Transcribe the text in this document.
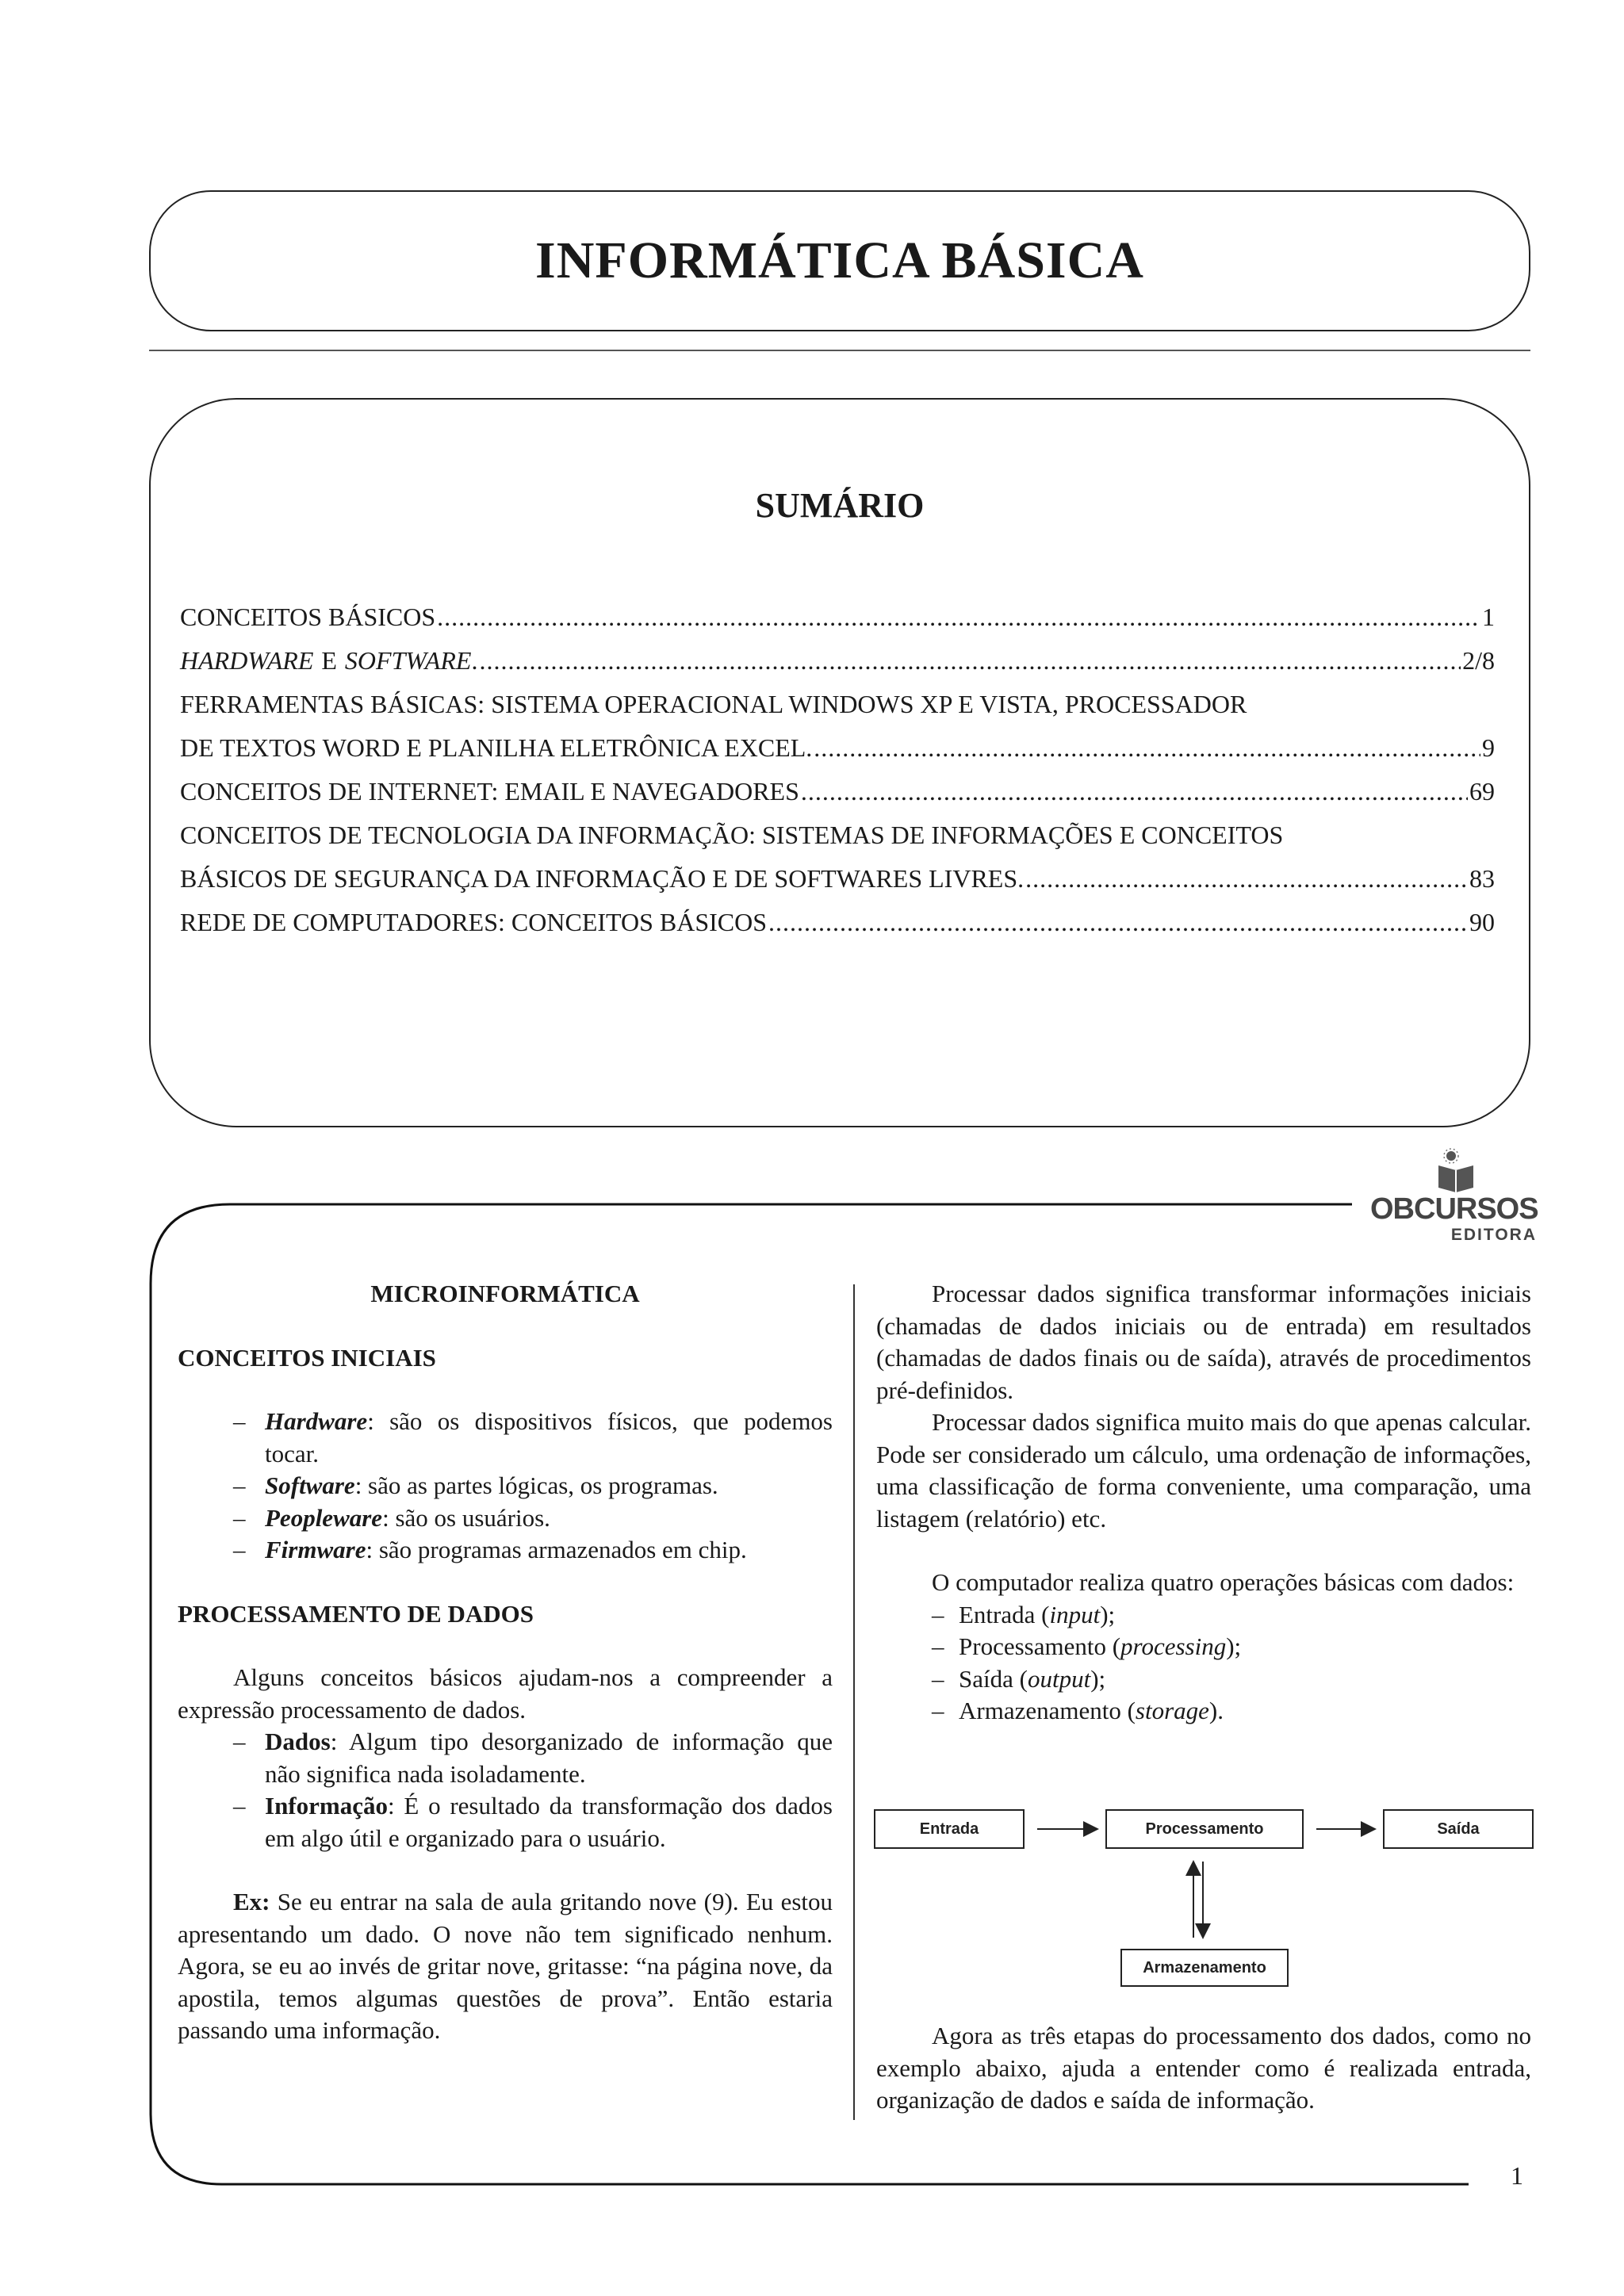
INFORMÁTICA BÁSICA
SUMÁRIO
CONCEITOS BÁSICOS .....	1
HARDWARE E SOFTWARE. .....	2/8
FERRAMENTAS BÁSICAS: SISTEMA OPERACIONAL WINDOWS XP E VISTA, PROCESSADOR
DE TEXTOS WORD E PLANILHA ELETRÔNICA EXCEL. .....	9
CONCEITOS DE INTERNET: EMAIL E NAVEGADORES .....	69
CONCEITOS DE TECNOLOGIA DA INFORMAÇÃO: SISTEMAS DE INFORMAÇÕES E CONCEITOS
BÁSICOS DE SEGURANÇA DA INFORMAÇÃO E DE SOFTWARES LIVRES. .....	83
REDE DE COMPUTADORES: CONCEITOS BÁSICOS .....	90
OBCURSOS
EDITORA

MICROINFORMÁTICA

CONCEITOS INICIAIS

– Hardware: são os dispositivos físicos, que podemos tocar.
– Software: são as partes lógicas, os programas.
– Peopleware: são os usuários.
– Firmware: são programas armazenados em chip.

PROCESSAMENTO DE DADOS

Alguns conceitos básicos ajudam-nos a compreender a expressão processamento de dados.

– Dados: Algum tipo desorganizado de informação que não significa nada isoladamente.
– Informação: É o resultado da transformação dos dados em algo útil e organizado para o usuário.

Ex: Se eu entrar na sala de aula gritando nove (9). Eu estou apresentando um dado. O nove não tem significado nenhum. Agora, se eu ao invés de gritar nove, gritasse: “na página nove, da apostila, temos algumas questões de prova”. Então estaria passando uma informação.

Processar dados significa transformar informações iniciais (chamadas de dados iniciais ou de entrada) em resultados (chamadas de dados finais ou de saída), através de procedimentos pré-definidos.

Processar dados significa muito mais do que apenas calcular. Pode ser considerado um cálculo, uma ordenação de informações, uma classificação de forma conveniente, uma comparação, uma listagem (relatório) etc.

O computador realiza quatro operações básicas com dados:

– Entrada (input);
– Processamento (processing);
– Saída (output);
– Armazenamento (storage).
Entrada	Processamento	Saída
Armazenamento

Agora as três etapas do processamento dos dados, como no exemplo abaixo, ajuda a entender como é realizada entrada, organização de dados e saída de informação.

1
